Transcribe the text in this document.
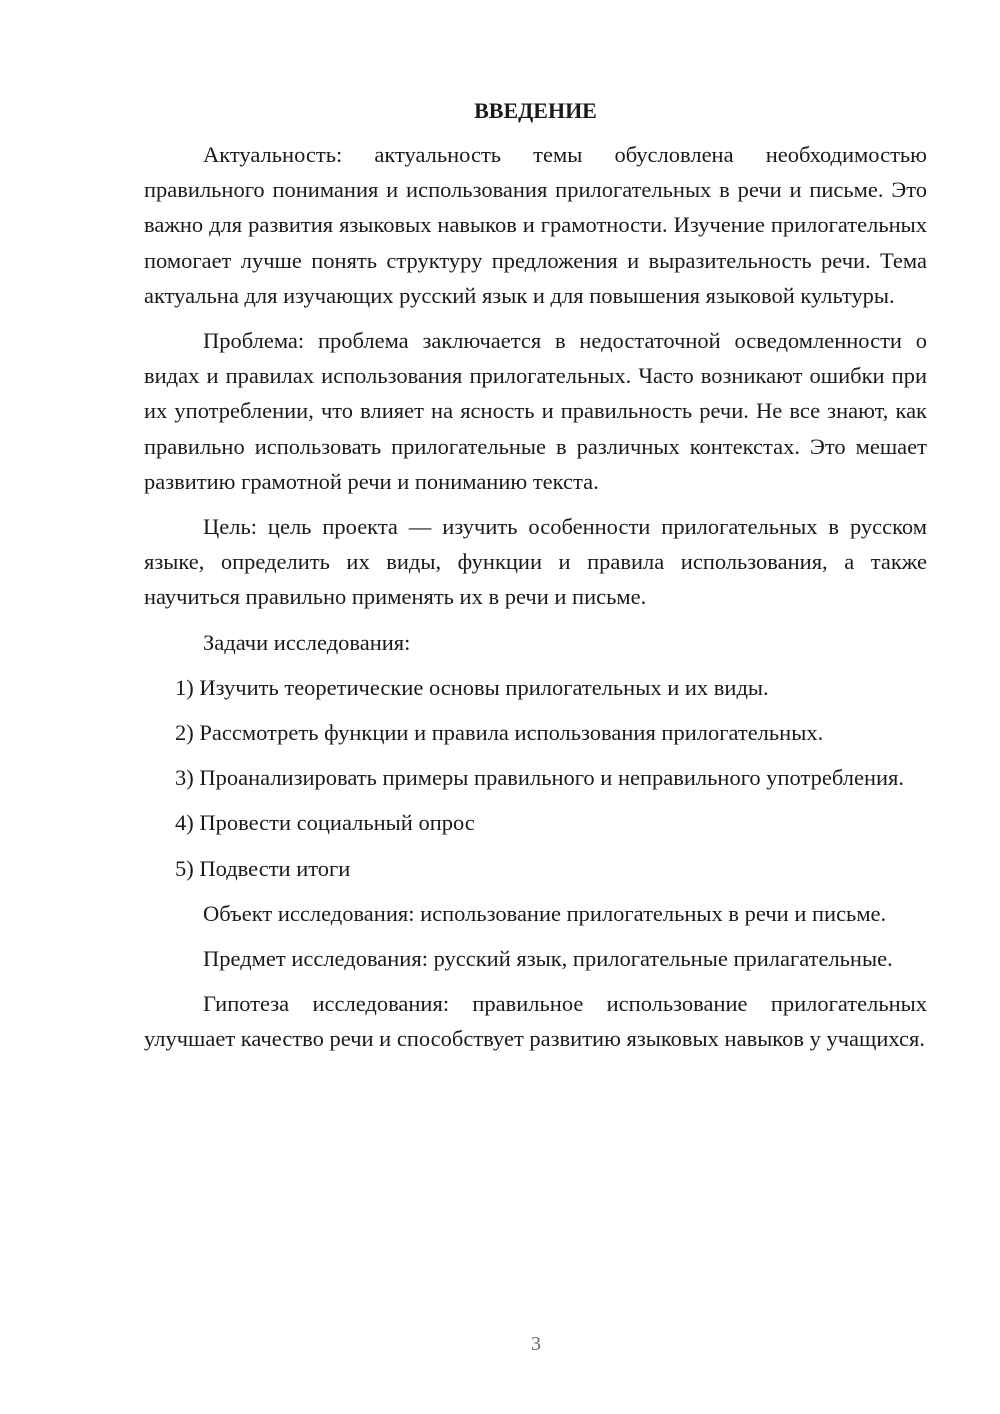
ВВЕДЕНИЕ

Актуальность: актуальность темы обусловлена необходимостью правильного понимания и использования прилогательных в речи и письме. Это важно для развития языковых навыков и грамотности. Изучение прилогательных помогает лучше понять структуру предложения и выразительность речи. Тема актуальна для изучающих русский язык и для повышения языковой культуры.

Проблема: проблема заключается в недостаточной осведомленности о видах и правилах использования прилогательных. Часто возникают ошибки при их употреблении, что влияет на ясность и правильность речи. Не все знают, как правильно использовать прилогательные в различных контекстах. Это мешает развитию грамотной речи и пониманию текста.

Цель: цель проекта — изучить особенности прилогательных в русском языке, определить их виды, функции и правила использования, а также научиться правильно применять их в речи и письме.

Задачи исследования:

1) Изучить теоретические основы прилогательных и их виды.

2) Рассмотреть функции и правила использования прилогательных.

3) Проанализировать примеры правильного и неправильного употребления.

4) Провести социальный опрос

5) Подвести итоги

Объект исследования: использование прилогательных в речи и письме.

Предмет исследования: русский язык, прилогательные прилагательные.

Гипотеза исследования: правильное использование прилогательных улучшает качество речи и способствует развитию языковых навыков у учащихся.

3
